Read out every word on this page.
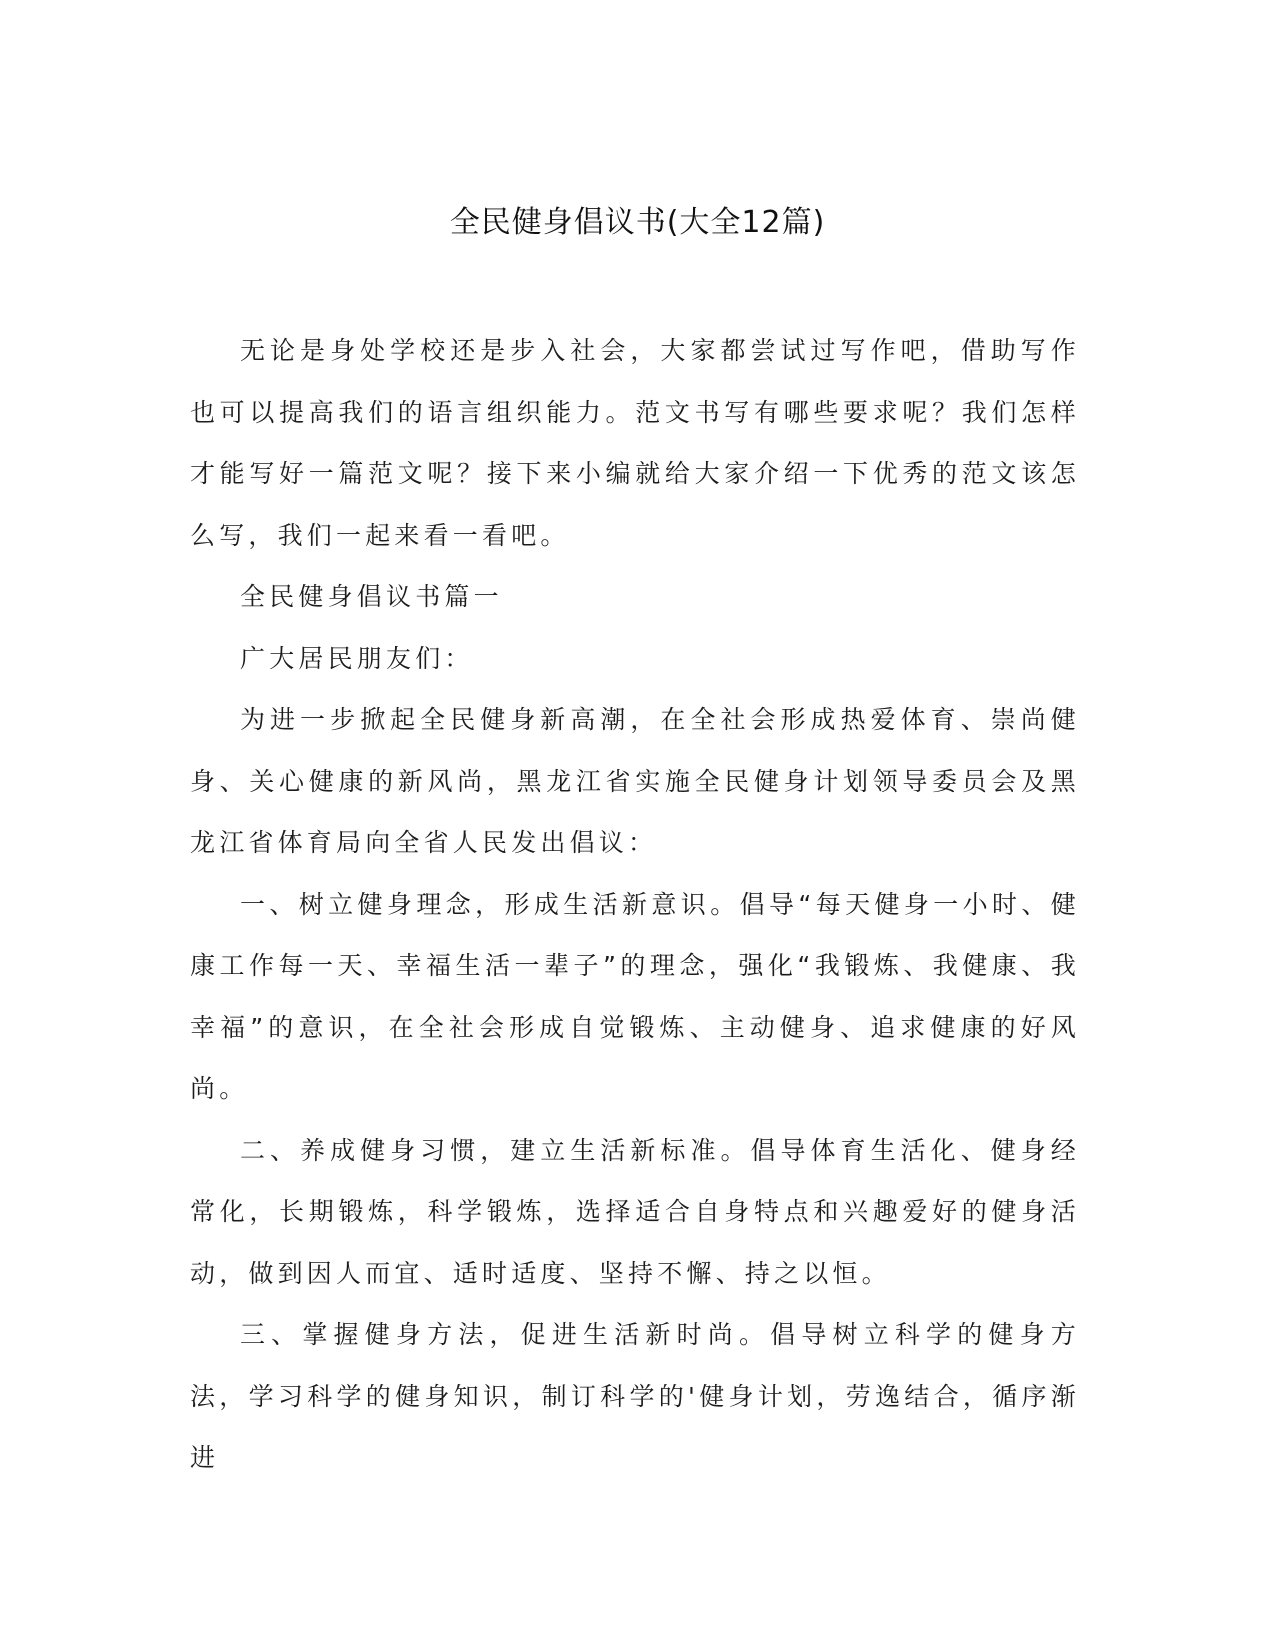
全民健身倡议书(大全12篇)

无论是身处学校还是步入社会，大家都尝试过写作吧，借助写作也可以提高我们的语言组织能力。范文书写有哪些要求呢？我们怎样才能写好一篇范文呢？接下来小编就给大家介绍一下优秀的范文该怎么写，我们一起来看一看吧。

全民健身倡议书篇一

广大居民朋友们：

为进一步掀起全民健身新高潮，在全社会形成热爱体育、崇尚健身、关心健康的新风尚，黑龙江省实施全民健身计划领导委员会及黑龙江省体育局向全省人民发出倡议：

一、树立健身理念，形成生活新意识。倡导“每天健身一小时、健康工作每一天、幸福生活一辈子”的理念，强化“我锻炼、我健康、我幸福”的意识，在全社会形成自觉锻炼、主动健身、追求健康的好风尚。

二、养成健身习惯，建立生活新标准。倡导体育生活化、健身经常化，长期锻炼，科学锻炼，选择适合自身特点和兴趣爱好的健身活动，做到因人而宜、适时适度、坚持不懈、持之以恒。

三、掌握健身方法，促进生活新时尚。倡导树立科学的健身方法，学习科学的健身知识，制订科学的'健身计划，劳逸结合，循序渐进
